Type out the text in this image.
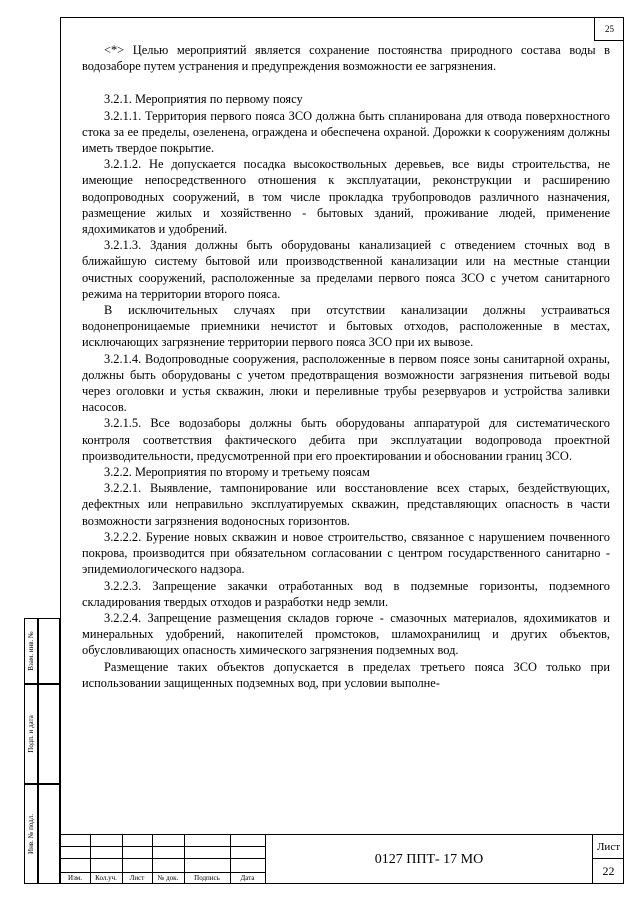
25

<*> Целью мероприятий является сохранение постоянства природного состава воды в водозаборе путем устранения и предупреждения возможности ее загрязнения.

3.2.1. Мероприятия по первому поясу

3.2.1.1. Территория первого пояса ЗСО должна быть спланирована для отвода поверхностного стока за ее пределы, озеленена, ограждена и обеспечена охраной. Дорожки к сооружениям должны иметь твердое покрытие.

3.2.1.2. Не допускается посадка высокоствольных деревьев, все виды строительства, не имеющие непосредственного отношения к эксплуатации, реконструкции и расширению водопроводных сооружений, в том числе прокладка трубопроводов различного назначения, размещение жилых и хозяйственно - бытовых зданий, проживание людей, применение ядохимикатов и удобрений.

3.2.1.3. Здания должны быть оборудованы канализацией с отведением сточных вод в ближайшую систему бытовой или производственной канализации или на местные станции очистных сооружений, расположенные за пределами первого пояса ЗСО с учетом санитарного режима на территории второго пояса.

В исключительных случаях при отсутствии канализации должны устраиваться водонепроницаемые приемники нечистот и бытовых отходов, расположенные в местах, исключающих загрязнение территории первого пояса ЗСО при их вывозе.

3.2.1.4. Водопроводные сооружения, расположенные в первом поясе зоны санитарной охраны, должны быть оборудованы с учетом предотвращения возможности загрязнения питьевой воды через оголовки и устья скважин, люки и переливные трубы резервуаров и устройства заливки насосов.

3.2.1.5. Все водозаборы должны быть оборудованы аппаратурой для систематического контроля соответствия фактического дебита при эксплуатации водопровода проектной производительности, предусмотренной при его проектировании и обосновании границ ЗСО.

3.2.2. Мероприятия по второму и третьему поясам

3.2.2.1. Выявление, тампонирование или восстановление всех старых, бездействующих, дефектных или неправильно эксплуатируемых скважин, представляющих опасность в части возможности загрязнения водоносных горизонтов.

3.2.2.2. Бурение новых скважин и новое строительство, связанное с нарушением почвенного покрова, производится при обязательном согласовании с центром государственного санитарно - эпидемиологического надзора.

3.2.2.3. Запрещение закачки отработанных вод в подземные горизонты, подземного складирования твердых отходов и разработки недр земли.

3.2.2.4. Запрещение размещения складов горюче - смазочных материалов, ядохимикатов и минеральных удобрений, накопителей промстоков, шламохранилищ и других объектов, обусловливающих опасность химического загрязнения подземных вод.

Размещение таких объектов допускается в пределах третьего пояса ЗСО только при использовании защищенных подземных вод, при условии выполне-

Взам. инв. №
Подп. и дата
Инв. № подл.
Изм.	Кол.уч.	Лист	№ док.	Подпись	Дата
0127 ППТ- 17 МО
Лист
22
